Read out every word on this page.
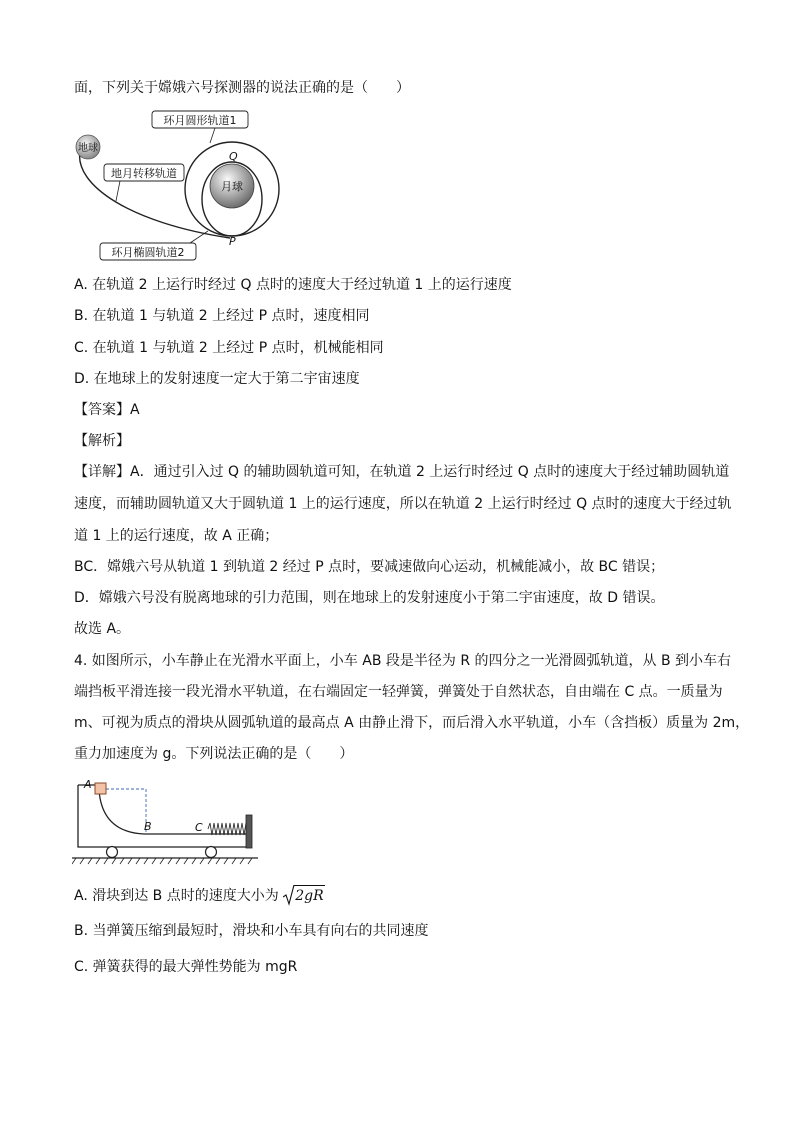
面，下列关于嫦娥六号探测器的说法正确的是（　　）
环月圆形轨道1
地球
地月转移轨道
月球
环月椭圆轨道2
Q
P
A. 在轨道 2 上运行时经过 Q 点时的速度大于经过轨道 1 上的运行速度
B. 在轨道 1 与轨道 2 上经过 P 点时，速度相同
C. 在轨道 1 与轨道 2 上经过 P 点时，机械能相同
D. 在地球上的发射速度一定大于第二宇宙速度
【答案】A
【解析】
【详解】A．通过引入过 Q 的辅助圆轨道可知，在轨道 2 上运行时经过 Q 点时的速度大于经过辅助圆轨道
速度，而辅助圆轨道又大于圆轨道 1 上的运行速度，所以在轨道 2 上运行时经过 Q 点时的速度大于经过轨
道 1 上的运行速度，故 A 正确；
BC．嫦娥六号从轨道 1 到轨道 2 经过 P 点时，要减速做向心运动，机械能减小，故 BC 错误；
D．嫦娥六号没有脱离地球的引力范围，则在地球上的发射速度小于第二宇宙速度，故 D 错误。
故选 A。
4. 如图所示，小车静止在光滑水平面上，小车 AB 段是半径为 R 的四分之一光滑圆弧轨道，从 B 到小车右
端挡板平滑连接一段光滑水平轨道，在右端固定一轻弹簧，弹簧处于自然状态，自由端在 C 点。一质量为
m、可视为质点的滑块从圆弧轨道的最高点 A 由静止滑下，而后滑入水平轨道，小车（含挡板）质量为 2m，
重力加速度为 g。下列说法正确的是（　　）
A
B	C
A. 滑块到达 B 点时的速度大小为 2gR
B. 当弹簧压缩到最短时，滑块和小车具有向右的共同速度
C. 弹簧获得的最大弹性势能为 mgR
